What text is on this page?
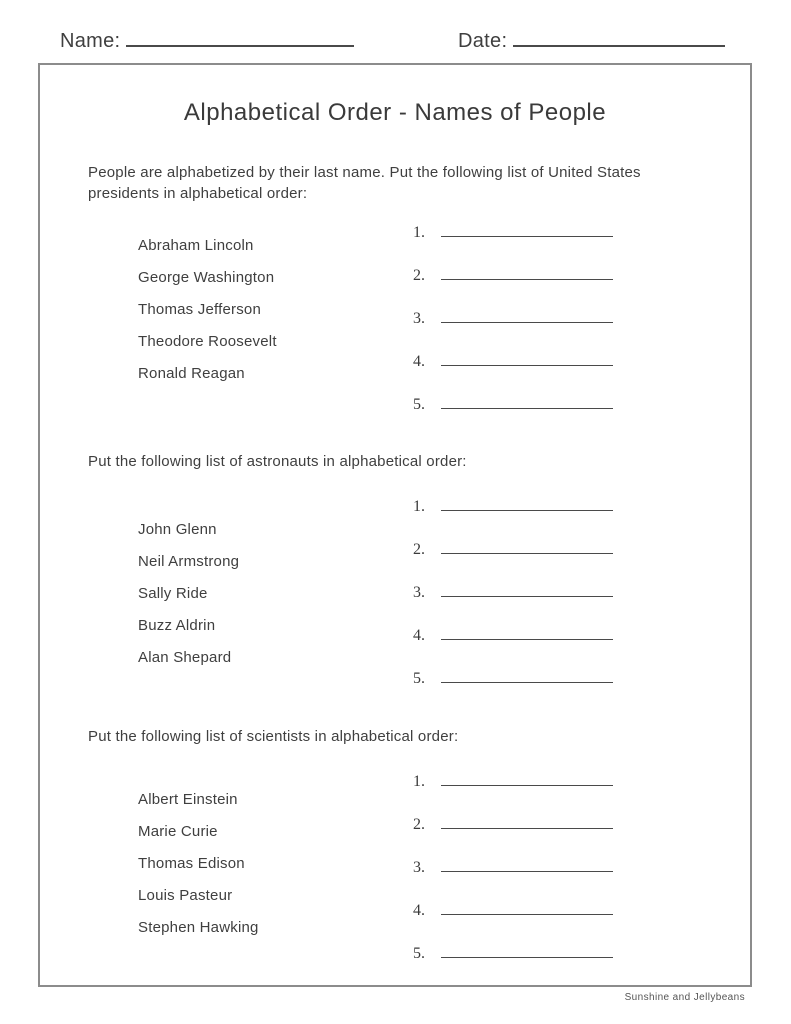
Name:	Date:
Alphabetical Order - Names of People

People are alphabetized by their last name. Put the following list of United States presidents in alphabetical order:

Abraham Lincoln
George Washington
Thomas Jefferson
Theodore Roosevelt
Ronald Reagan
1.
2.
3.
4.
5.

Put the following list of astronauts in alphabetical order:

John Glenn
Neil Armstrong
Sally Ride
Buzz Aldrin
Alan Shepard
1.
2.
3.
4.
5.

Put the following list of scientists in alphabetical order:

Albert Einstein
Marie Curie
Thomas Edison
Louis Pasteur
Stephen Hawking
1.
2.
3.
4.
5.
Sunshine and Jellybeans
